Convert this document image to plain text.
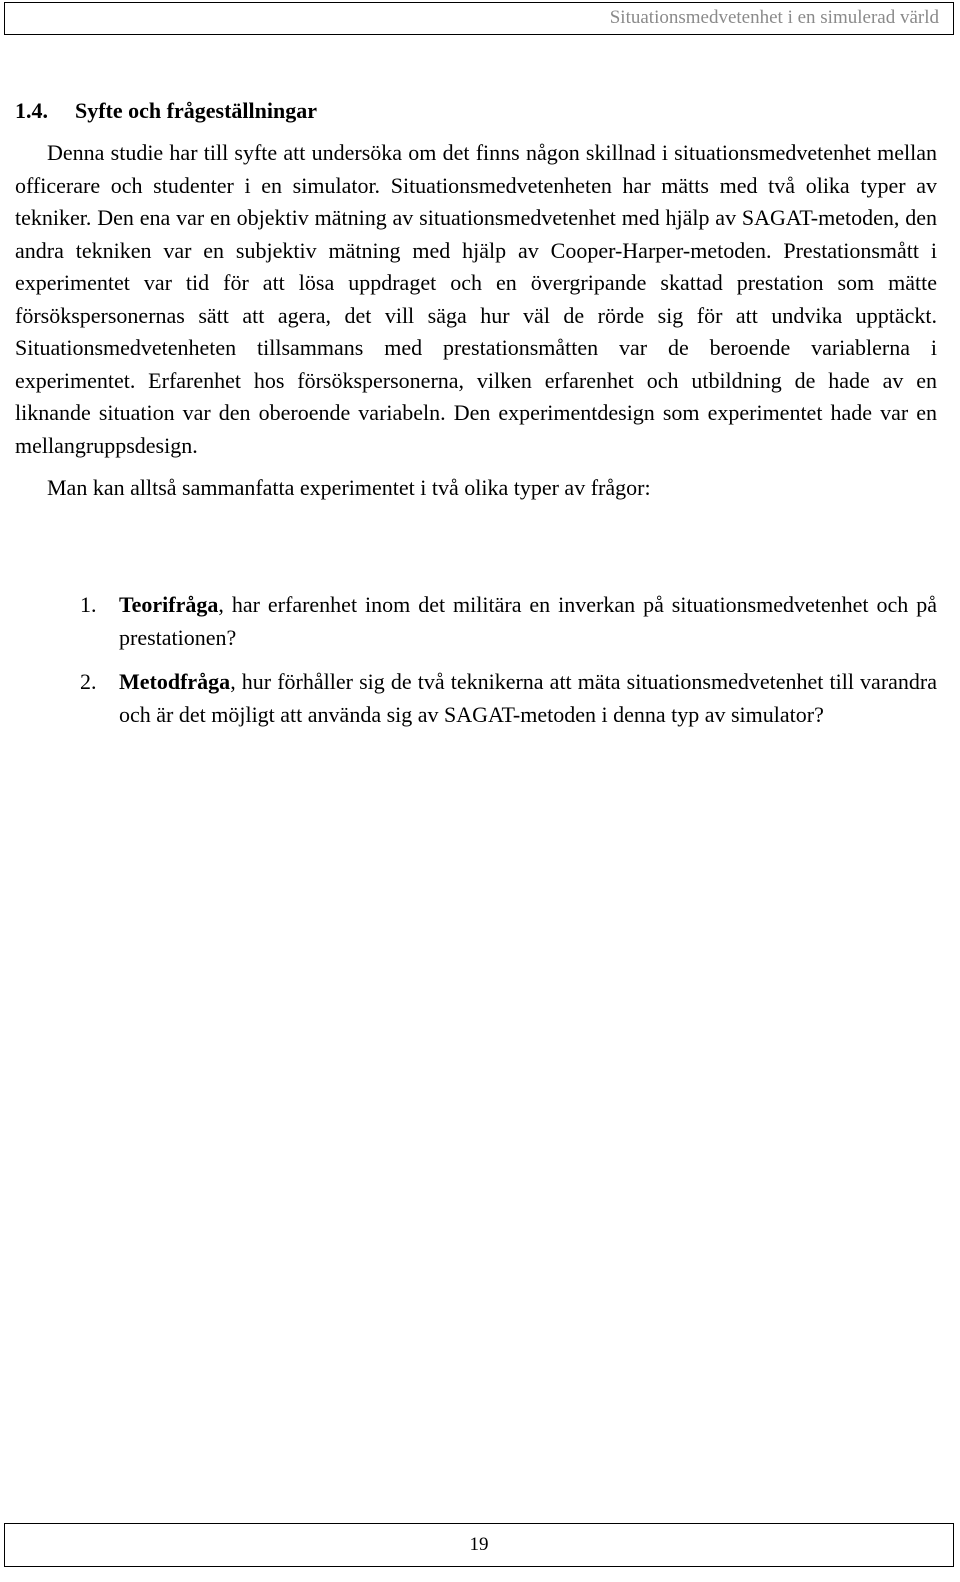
Situationsmedvetenhet i en simulerad värld
1.4. Syfte och frågeställningar

Denna studie har till syfte att undersöka om det finns någon skillnad i situationsmedvetenhet mellan officerare och studenter i en simulator. Situationsmedvetenheten har mätts med två olika typer av tekniker. Den ena var en objektiv mätning av situationsmedvetenhet med hjälp av SAGAT-metoden, den andra tekniken var en subjektiv mätning med hjälp av Cooper-Harper-metoden. Prestationsmått i experimentet var tid för att lösa uppdraget och en övergripande skattad prestation som mätte försökspersonernas sätt att agera, det vill säga hur väl de rörde sig för att undvika upptäckt. Situationsmedvetenheten tillsammans med prestationsmåtten var de beroende variablerna i experimentet. Erfarenhet hos försökspersonerna, vilken erfarenhet och utbildning de hade av en liknande situation var den oberoende variabeln. Den experimentdesign som experimentet hade var en mellangruppsdesign.

Man kan alltså sammanfatta experimentet i två olika typer av frågor:

1. Teorifråga, har erfarenhet inom det militära en inverkan på situationsmedvetenhet och på prestationen?
2. Metodfråga, hur förhåller sig de två teknikerna att mäta situationsmedvetenhet till varandra och är det möjligt att använda sig av SAGAT-metoden i denna typ av simulator?
19
